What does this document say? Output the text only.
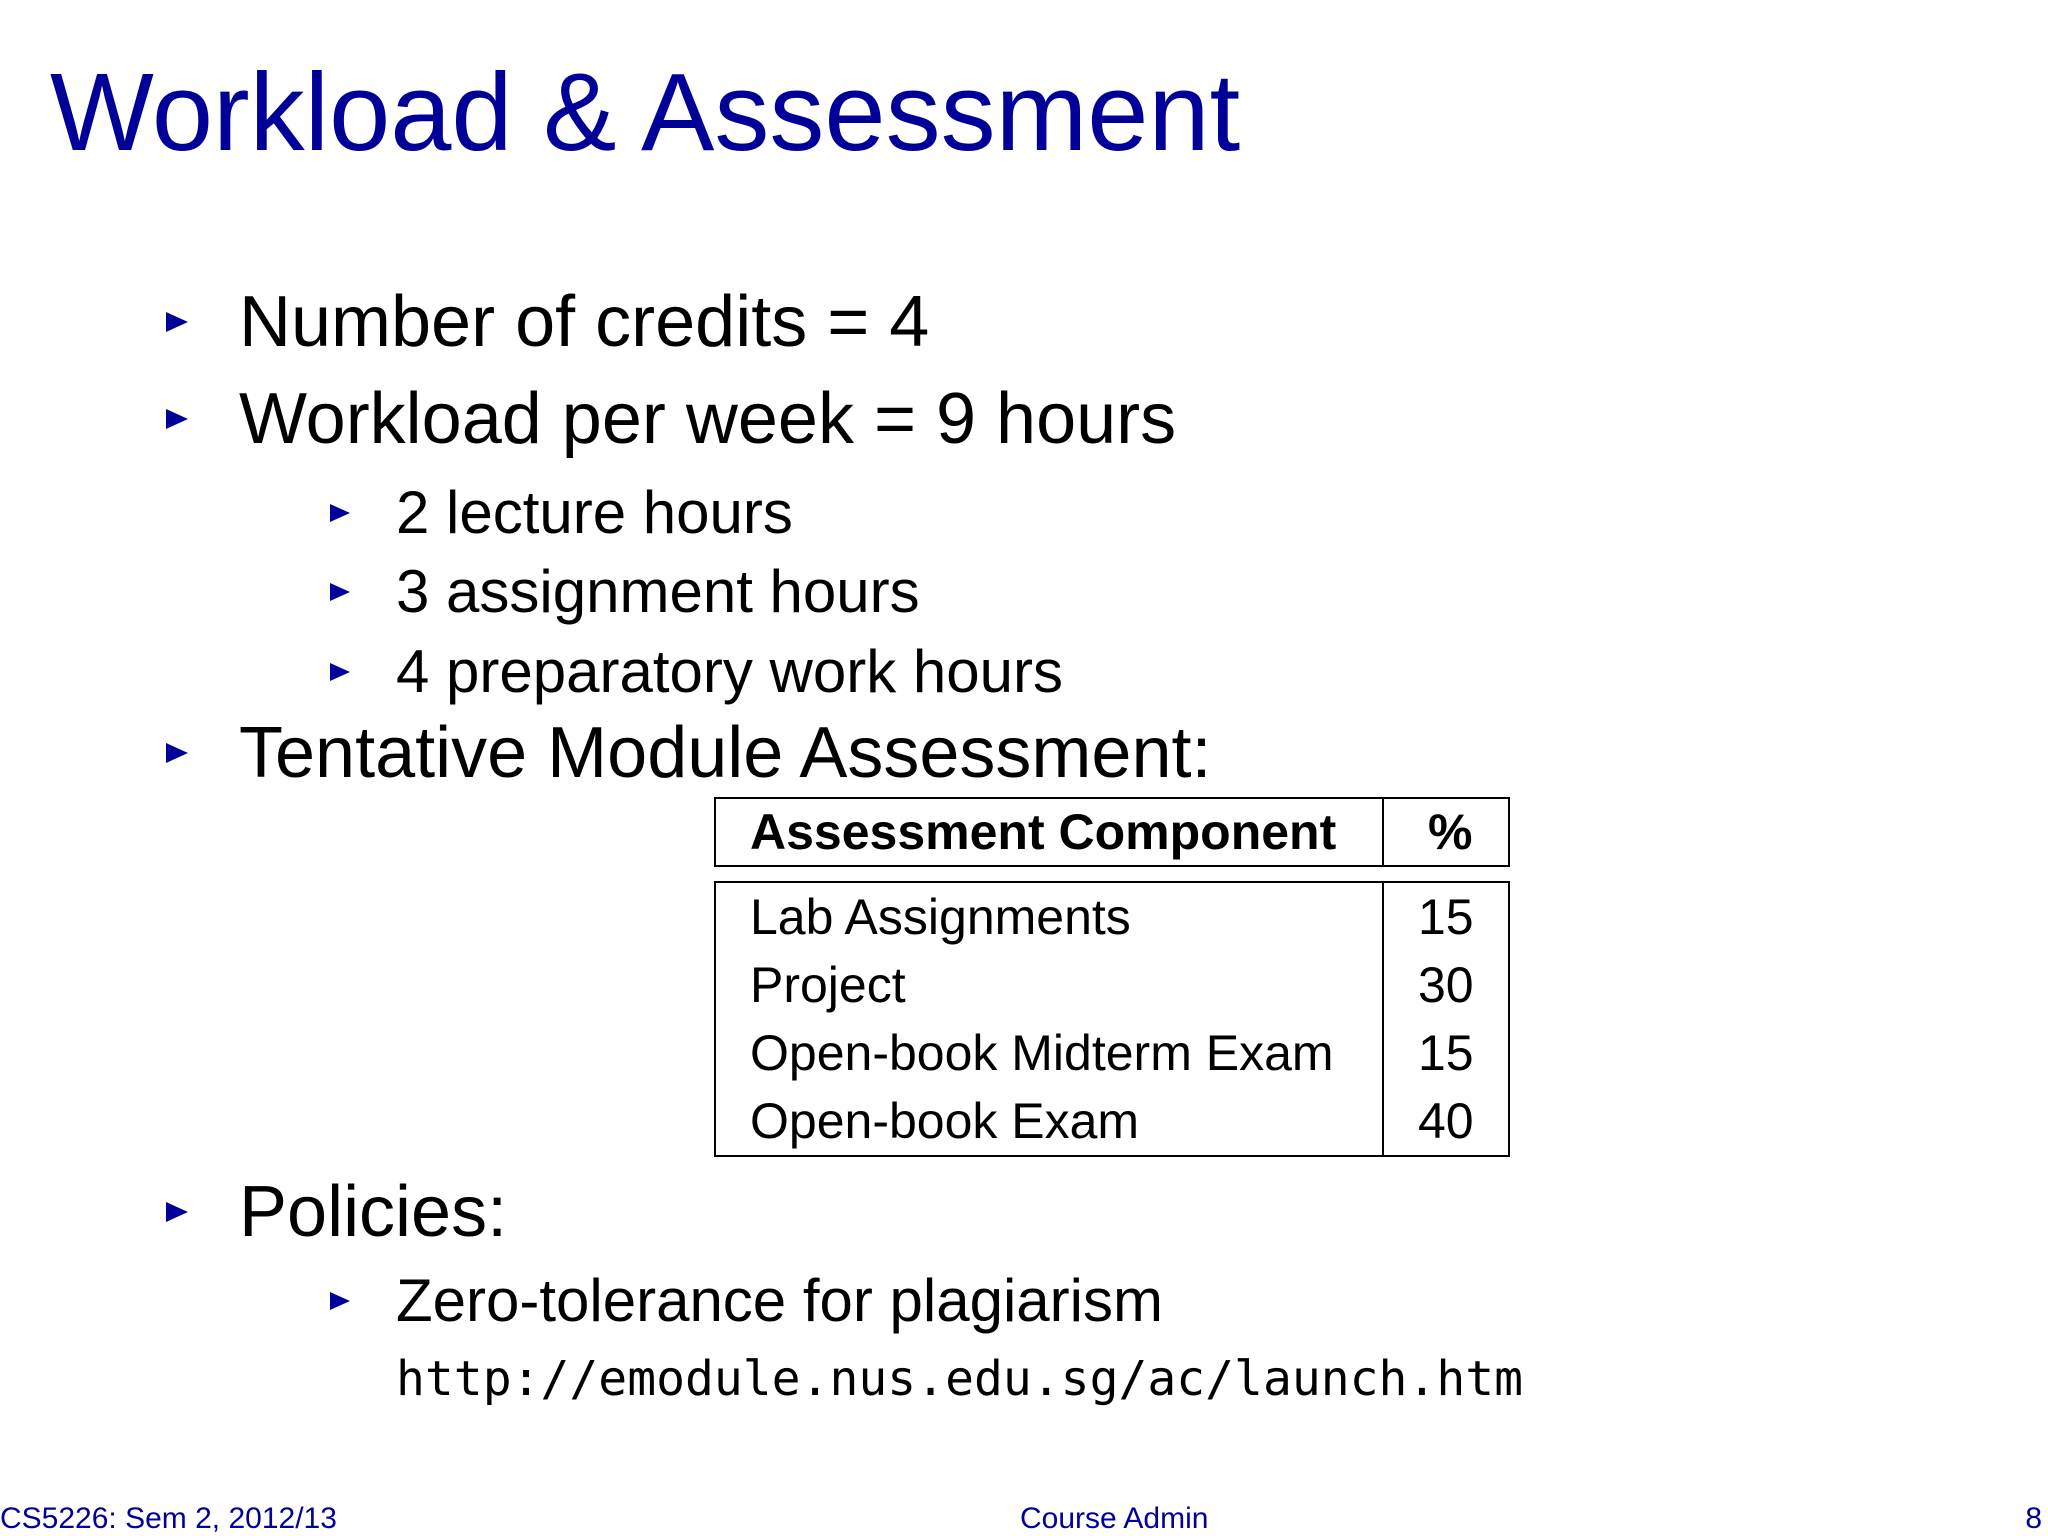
Workload & Assessment
Number of credits = 4
Workload per week = 9 hours
2 lecture hours
3 assignment hours
4 preparatory work hours
Tentative Module Assessment:
Assessment Component %
Lab Assignments	15
Project	30
Open-book Midterm Exam 15
Open-book Exam	40
Policies:
Zero-tolerance for plagiarism
http://emodule.nus.edu.sg/ac/launch.htm
CS5226: Sem 2, 2012/13	Course Admin	8
